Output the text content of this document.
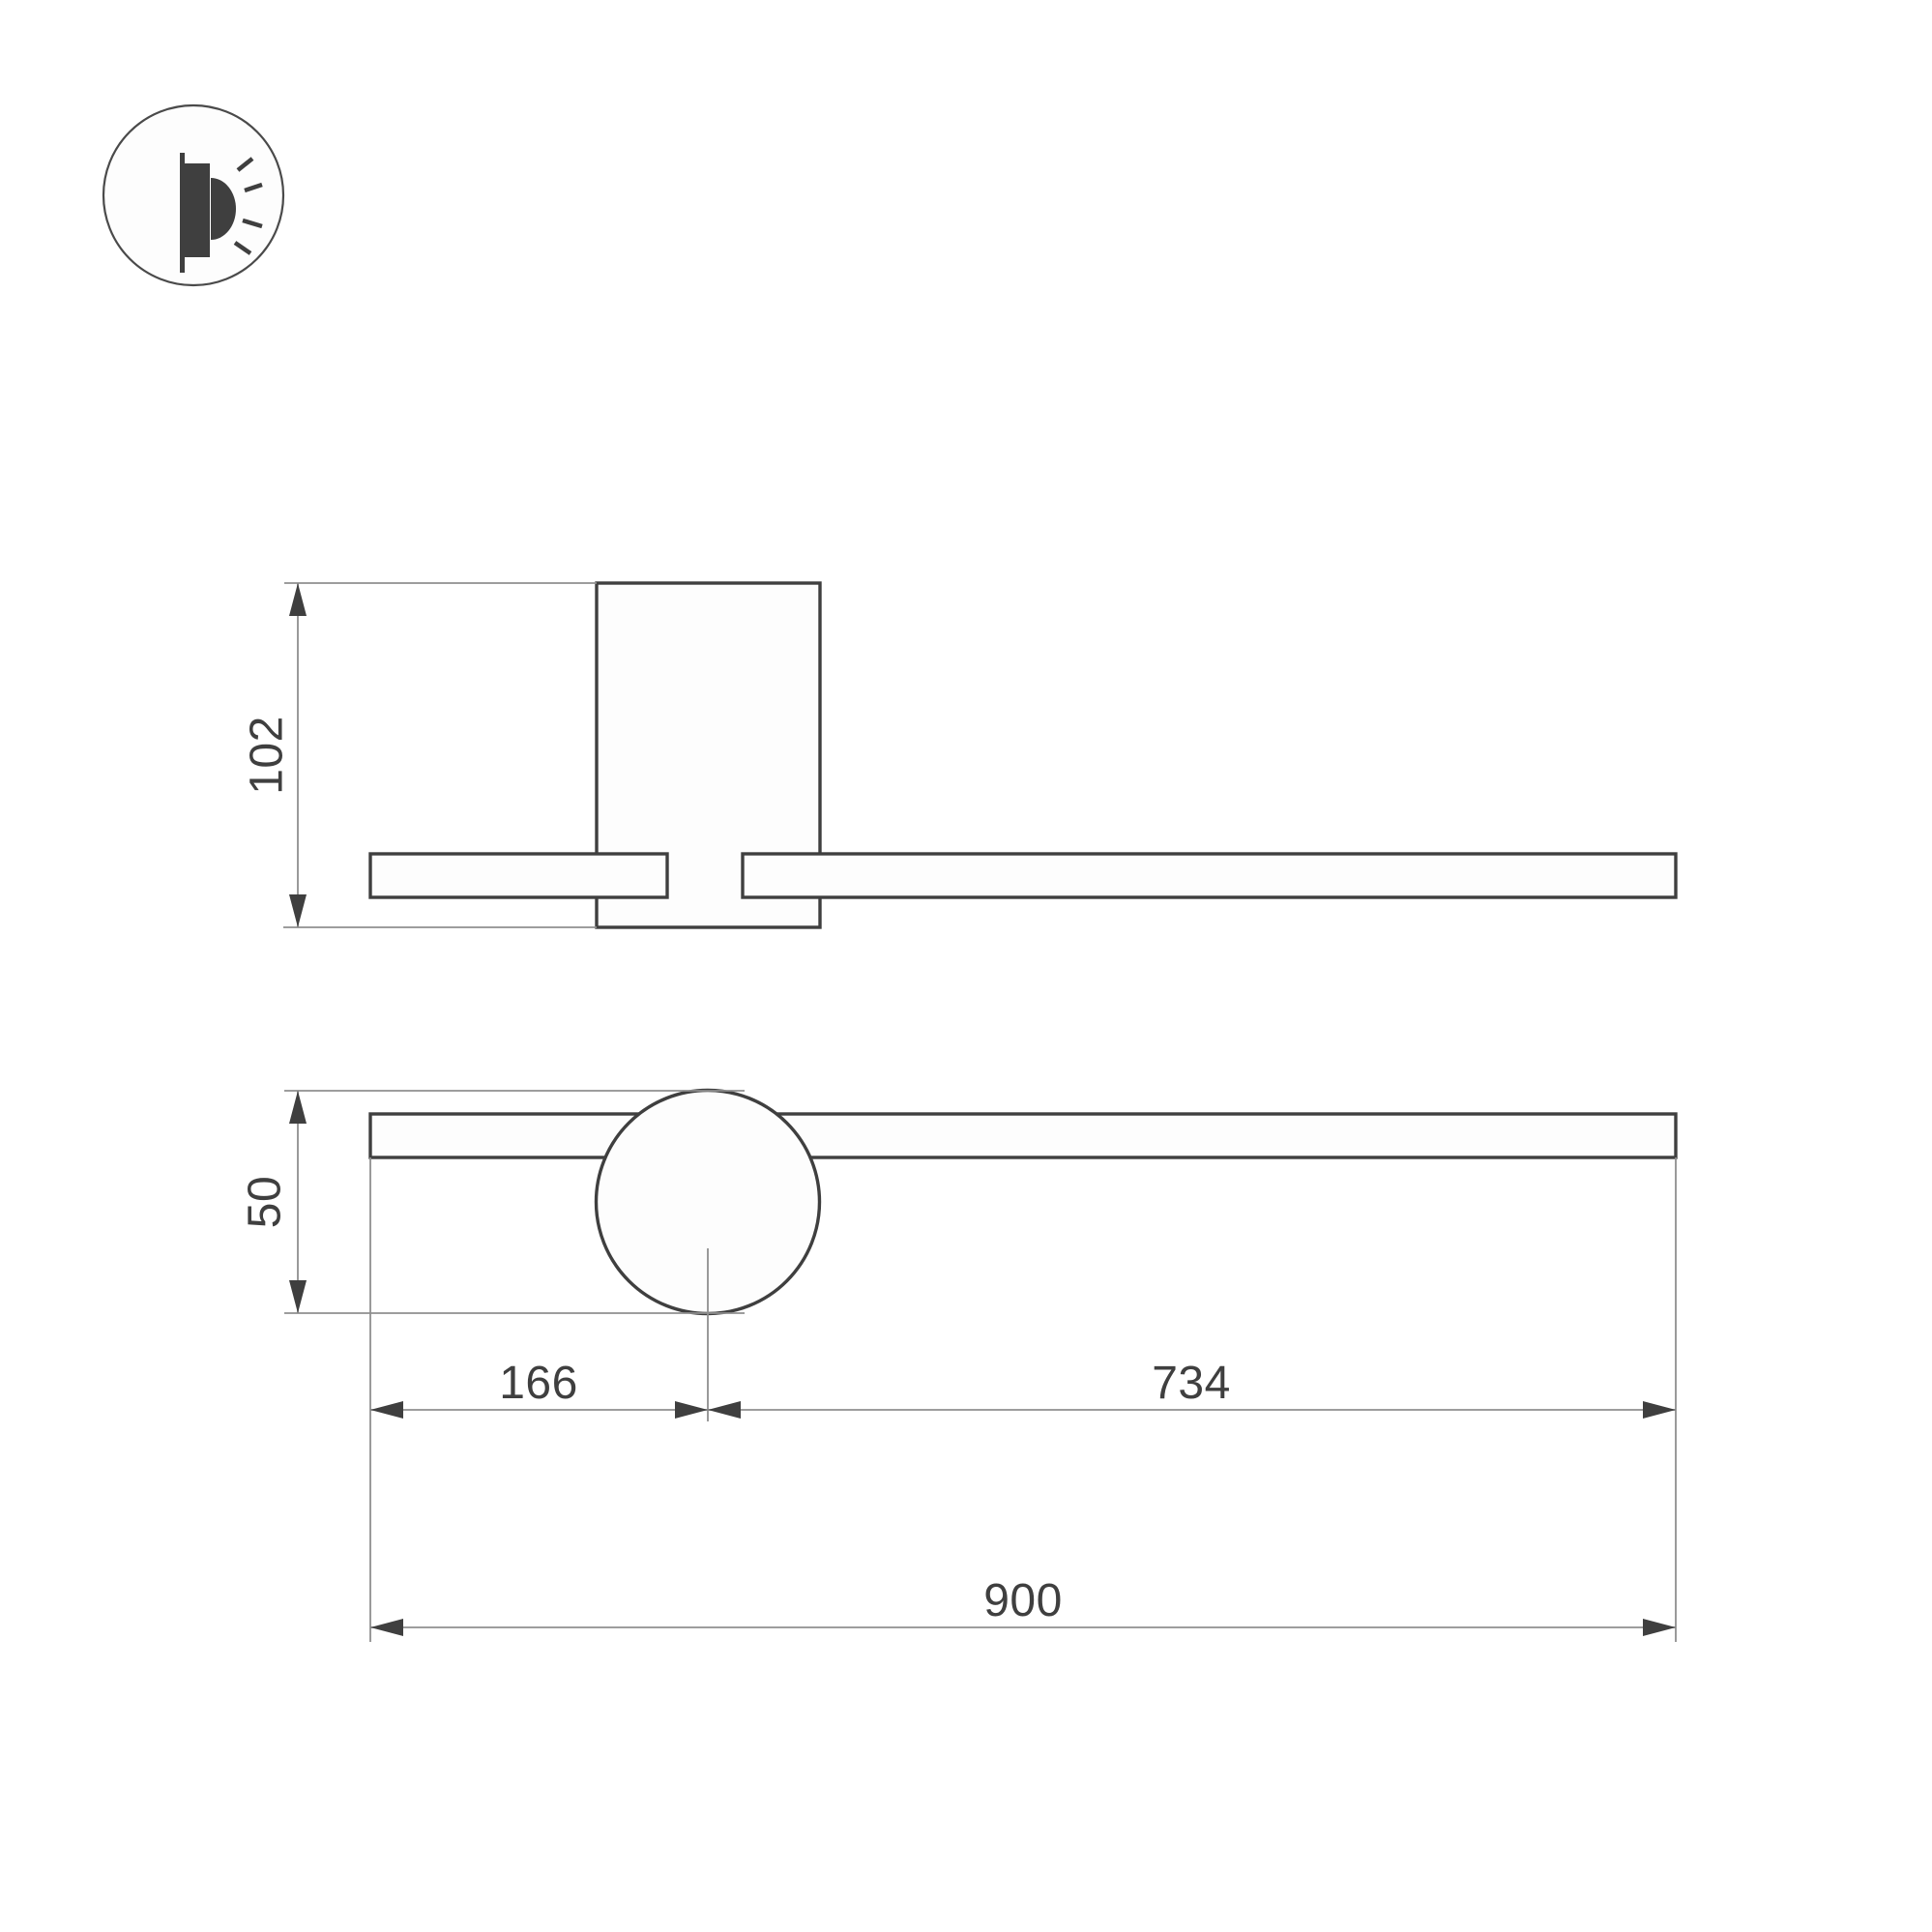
102
50
166	734
900
